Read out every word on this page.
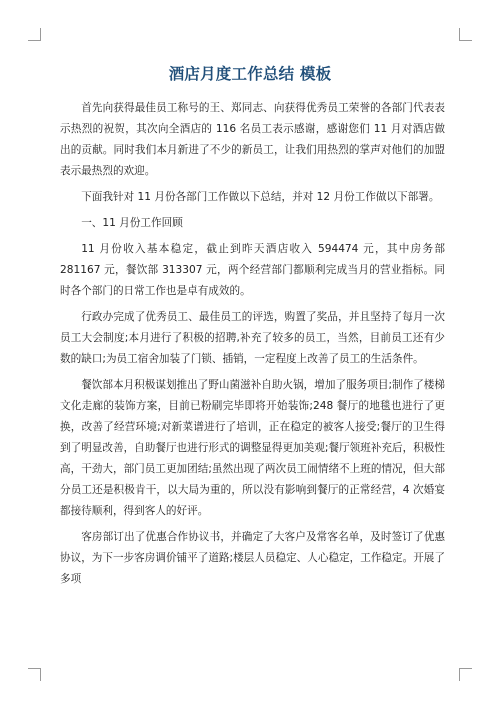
酒店月度工作总结 模板

首先向获得最佳员工称号的王、郑同志、向获得优秀员工荣誉的各部门代表表示热烈的祝贺，其次向全酒店的 116 名员工表示感谢，感谢您们 11 月对酒店做出的贡献。同时我们本月新进了不少的新员工，让我们用热烈的掌声对他们的加盟表示最热烈的欢迎。

下面我针对 11 月份各部门工作做以下总结，并对 12 月份工作做以下部署。

一、11 月份工作回顾

11 月份收入基本稳定，截止到昨天酒店收入 594474 元，其中房务部 281167 元，餐饮部 313307 元，两个经营部门都顺利完成当月的营业指标。同时各个部门的日常工作也是卓有成效的。

行政办完成了优秀员工、最佳员工的评选，购置了奖品，并且坚持了每月一次员工大会制度;本月进行了积极的招聘,补充了较多的员工，当然，目前员工还有少数的缺口;为员工宿舍加装了门锁、插销，一定程度上改善了员工的生活条件。

餐饮部本月积极谋划推出了野山菌滋补自助火锅，增加了服务项目;制作了楼梯文化走廊的装饰方案，目前已粉刷完毕即将开始装饰;248 餐厅的地毯也进行了更换，改善了经营环境;对新菜谱进行了培训，正在稳定的被客人接受;餐厅的卫生得到了明显改善，自助餐厅也进行形式的调整显得更加美观;餐厅领班补充后，积极性高，干劲大，部门员工更加团结;虽然出现了两次员工闹情绪不上班的情况，但大部分员工还是积极肯干，以大局为重的，所以没有影响到餐厅的正常经营，4 次婚宴都接待顺利，得到客人的好评。

客房部订出了优惠合作协议书，并确定了大客户及常客名单，及时签订了优惠协议，为下一步客房调价铺平了道路;楼层人员稳定、人心稳定，工作稳定。开展了多项
